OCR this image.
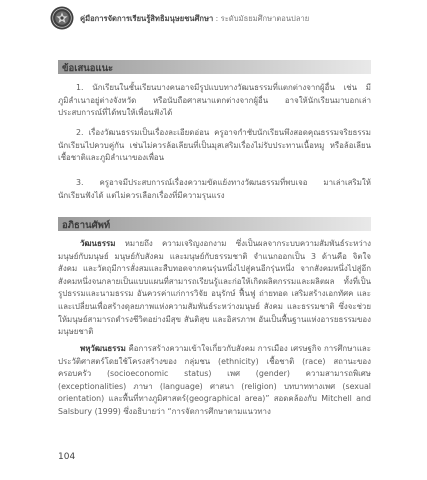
คู่มือการจัดการเรียนรู้สิทธิมนุษยชนศึกษา : ระดับมัธยมศึกษาตอนปลาย
ข้อเสนอแนะ

1. นักเรียนในชั้นเรียนบางคนอาจมีรูปแบบทางวัฒนธรรมที่แตกต่างจากผู้อื่น เช่น มีภูมิลำเนาอยู่ต่างจังหวัด หรือนับถือศาสนาแตกต่างจากผู้อื่น อาจให้นักเรียนมาบอกเล่าประสบการณ์ที่ได้พบให้เพื่อนฟังได้

2. เรื่องวัฒนธรรมเป็นเรื่องละเอียดอ่อน ครูอาจกำชับนักเรียนพึงสอดคุณธรรมจริยธรรมนักเรียนไปควบคู่กัน เช่นไม่ควรล้อเลียนที่เป็นมุสเสริมเรื่องไม่รับประทานเนื้อหมู หรือล้อเลียนเชื้อชาติและภูมิลำเนาของเพื่อน

3. ครูอาจมีประสบการณ์เรื่องความขัดแย้งทางวัฒนธรรมที่พบเจอ มาเล่าเสริมให้นักเรียนฟังได้ แต่ไม่ควรเลือกเรื่องที่มีความรุนแรง

อภิธานศัพท์

วัฒนธรรม หมายถึง ความเจริญงอกงาม ซึ่งเป็นผลจากระบบความสัมพันธ์ระหว่างมนุษย์กับมนุษย์ มนุษย์กับสังคม และมนุษย์กับธรรมชาติ จำแนกออกเป็น 3 ด้านคือ จิตใจ สังคม และวัตถุมีการสั่งสมและสืบทอดจากคนรุ่นหนึ่งไปสู่คนอีกรุ่นหนึ่ง จากสังคมหนึ่งไปสู่อีกสังคมหนึ่งจนกลายเป็นแบบแผนที่สามารถเรียนรู้และก่อให้เกิดผลิตกรรมและผลิตผล ทั้งที่เป็นรูปธรรมและนามธรรม อันควรค่าแก่การวิจัย อนุรักษ์ ฟื้นฟู ถ่ายทอด เสริมสร้างเอกทัศค และและเปลี่ยนเพื่อสร้างดุลยภาพแห่งความสัมพันธ์ระหว่างมนุษย์ สังคม และธรรมชาติ ซึ่งจะช่วยให้มนุษย์สามารถดำรงชีวิตอย่างมีสุข สันติสุข และอิสรภาพ อันเป็นพื้นฐานแห่งอารยธรรมของมนุษยชาติ

พหุวัฒนธรรม คือการสร้างความเข้าใจเกี่ยวกับสังคม การเมือง เศรษฐกิจ การศึกษาและประวัติศาสตร์โดยใช้โครงสร้างของ กลุ่มชน (ethnicity) เชื้อชาติ (race) สถานะของครอบครัว (socioeconomic status) เพศ (gender) ความสามารถพิเศษ (exceptionalities) ภาษา (language) ศาสนา (religion) บทบาททางเพศ (sexual orientation) และพื้นที่ทางภูมิศาสตร์(geographical area)” สอดคล้องกับ Mitchell and Salsbury (1999) ซึ่งอธิบายว่า “การจัดการศึกษาตามแนวทาง

104
